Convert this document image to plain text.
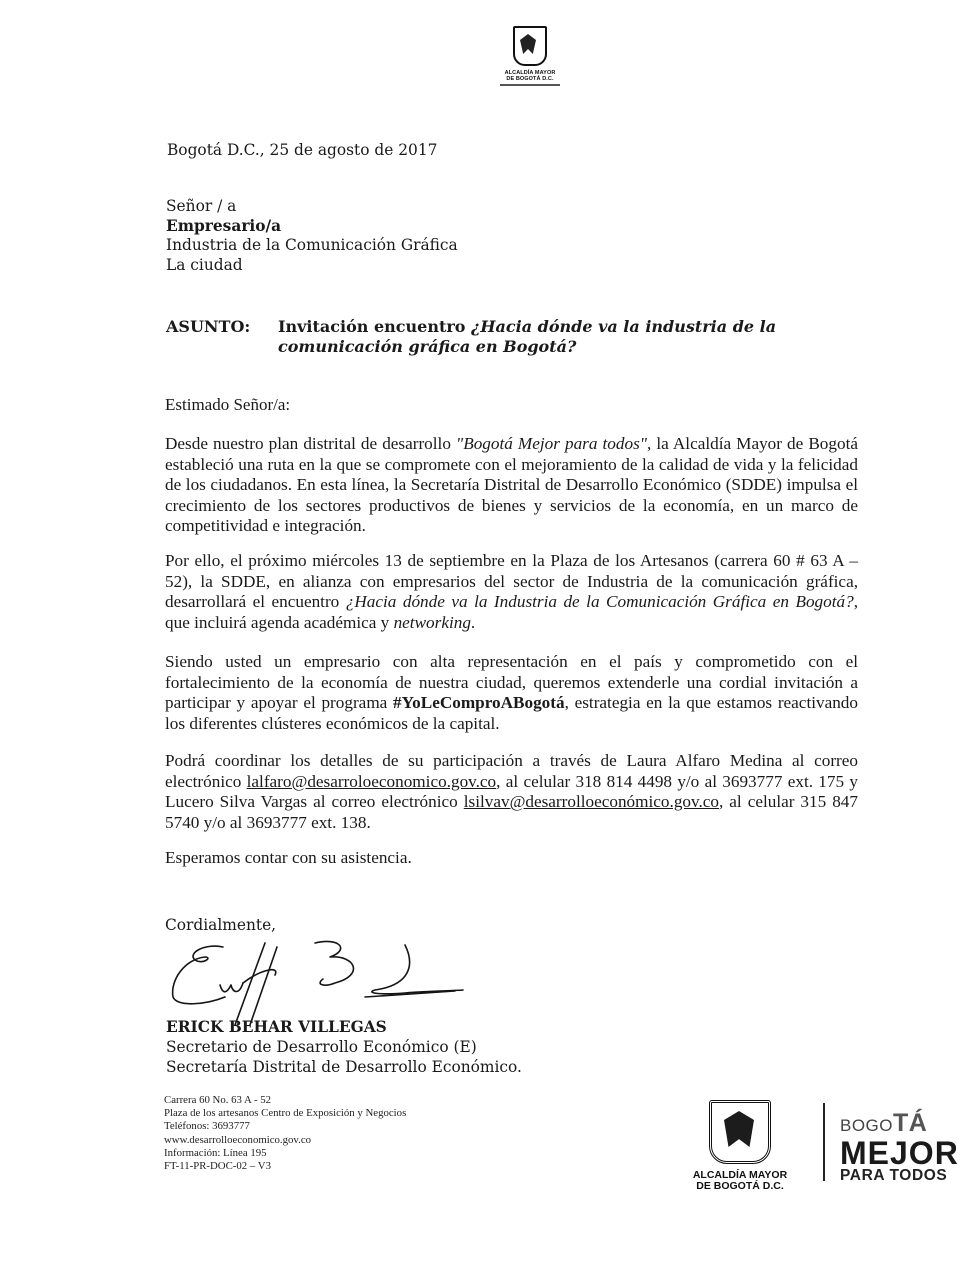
ALCALDÍA MAYOR
DE BOGOTÁ D.C.
Bogotá D.C., 25 de agosto de 2017
Señor / a
Empresario/a
Industria de la Comunicación Gráfica
La ciudad
ASUNTO: Invitación encuentro ¿Hacia dónde va la industria de la
comunicación gráfica en Bogotá?
Estimado Señor/a:
Desde nuestro plan distrital de desarrollo "Bogotá Mejor para todos", la Alcaldía Mayor de Bogotá estableció una ruta en la que se compromete con el mejoramiento de la calidad de vida y la felicidad de los ciudadanos. En esta línea, la Secretaría Distrital de Desarrollo Económico (SDDE) impulsa el crecimiento de los sectores productivos de bienes y servicios de la economía, en un marco de competitividad e integración.
Por ello, el próximo miércoles 13 de septiembre en la Plaza de los Artesanos (carrera 60 # 63 A – 52), la SDDE, en alianza con empresarios del sector de Industria de la comunicación gráfica, desarrollará el encuentro ¿Hacia dónde va la Industria de la Comunicación Gráfica en Bogotá?, que incluirá agenda académica y networking.
Siendo usted un empresario con alta representación en el país y comprometido con el fortalecimiento de la economía de nuestra ciudad, queremos extenderle una cordial invitación a participar y apoyar el programa #YoLeComproABogotá, estrategia en la que estamos reactivando los diferentes clústeres económicos de la capital.
Podrá coordinar los detalles de su participación a través de Laura Alfaro Medina al correo electrónico lalfaro@desarroloeconomico.gov.co, al celular 318 814 4498 y/o al 3693777 ext. 175 y Lucero Silva Vargas al correo electrónico lsilvav@desarrolloeconómico.gov.co, al celular 315 847 5740 y/o al 3693777 ext. 138.
Esperamos contar con su asistencia.
Cordialmente,
ERICK BEHAR VILLEGAS
Secretario de Desarrollo Económico (E)
Secretaría Distrital de Desarrollo Económico.
Carrera 60 No. 63 A - 52
Plaza de los artesanos Centro de Exposición y Negocios
Teléfonos: 3693777
www.desarrolloeconomico.gov.co
Información: Línea 195
FT-11-PR-DOC-02 – V3
ALCALDÍA MAYOR
DE BOGOTÁ D.C.
BOGOTÁ
MEJOR
PARA TODOS
